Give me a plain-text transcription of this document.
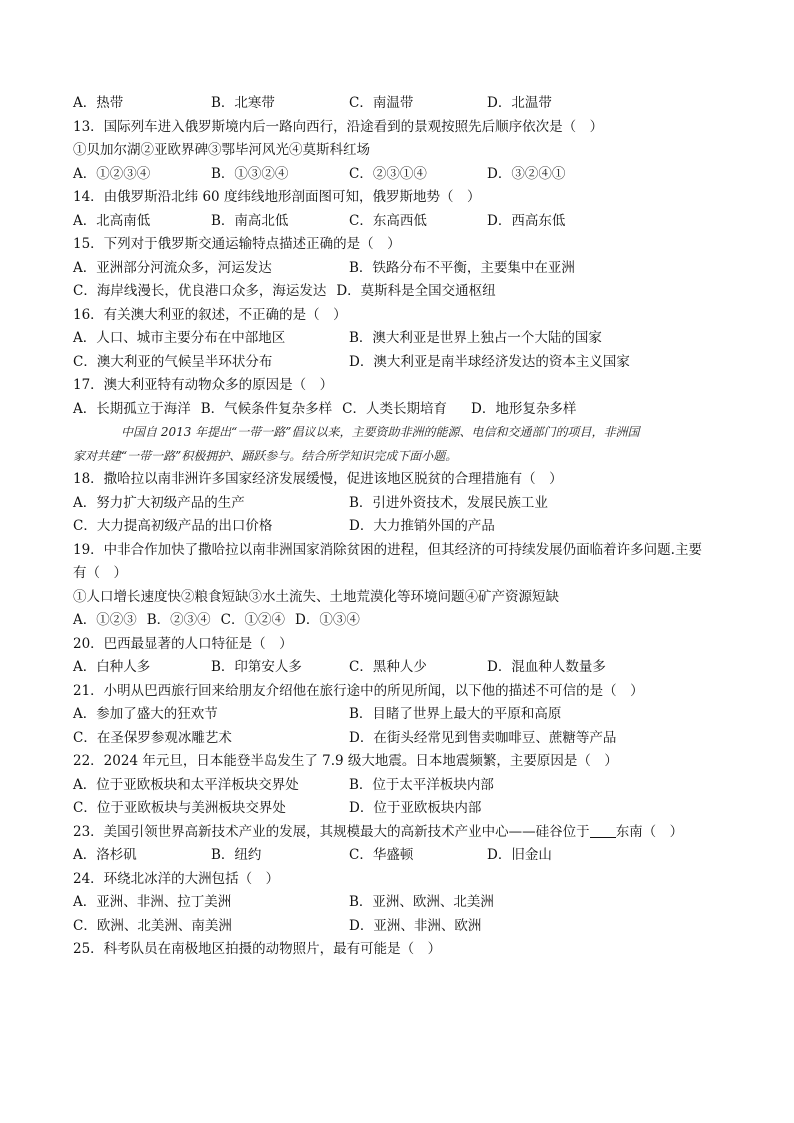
A．热带	B．北寒带	C．南温带	D．北温带
13．国际列车进入俄罗斯境内后一路向西行，沿途看到的景观按照先后顺序依次是（　）
①贝加尔湖②亚欧界碑③鄂毕河风光④莫斯科红场
A．①②③④	B．①③②④	C．②③①④	D．③②④①
14．由俄罗斯沿北纬 60 度纬线地形剖面图可知，俄罗斯地势（　）
A．北高南低	B．南高北低	C．东高西低	D．西高东低
15．下列对于俄罗斯交通运输特点描述正确的是（　）
A．亚洲部分河流众多，河运发达	B．铁路分布不平衡，主要集中在亚洲
C．海岸线漫长，优良港口众多，海运发达 D．莫斯科是全国交通枢纽
16．有关澳大利亚的叙述，不正确的是（　）
A．人口、城市主要分布在中部地区	B．澳大利亚是世界上独占一个大陆的国家
C．澳大利亚的气候呈半环状分布	D．澳大利亚是南半球经济发达的资本主义国家
17．澳大利亚特有动物众多的原因是（　）
A．长期孤立于海洋 B．气候条件复杂多样 C．人类长期培育	D．地形复杂多样
中国自 2013 年提出“一带一路”倡议以来，主要资助非洲的能源、电信和交通部门的项目，非洲国
家对共建“一带一路”积极拥护、踊跃参与。结合所学知识完成下面小题。
18．撒哈拉以南非洲许多国家经济发展缓慢，促进该地区脱贫的合理措施有（　）
A．努力扩大初级产品的生产	B．引进外资技术，发展民族工业
C．大力提高初级产品的出口价格	D．大力推销外国的产品
19．中非合作加快了撒哈拉以南非洲国家消除贫困的进程，但其经济的可持续发展仍面临着许多问题.主要
有（　）
①人口增长速度快②粮食短缺③水土流失、土地荒漠化等环境问题④矿产资源短缺
A．①②③ B．②③④ C．①②④ D．①③④
20．巴西最显著的人口特征是（　）
A．白种人多	B．印第安人多	C．黑种人少	D．混血种人数量多
21．小明从巴西旅行回来给朋友介绍他在旅行途中的所见所闻，以下他的描述不可信的是（　）
A．参加了盛大的狂欢节	B．目睹了世界上最大的平原和高原
C．在圣保罗参观冰雕艺术	D．在街头经常见到售卖咖啡豆、蔗糖等产品
22．2024 年元旦，日本能登半岛发生了 7.9 级大地震。日本地震频繁，主要原因是（　）
A．位于亚欧板块和太平洋板块交界处	B．位于太平洋板块内部
C．位于亚欧板块与美洲板块交界处	D．位于亚欧板块内部
23．美国引领世界高新技术产业的发展，其规模最大的高新技术产业中心——硅谷位于 东南（　）
A．洛杉矶	B．纽约	C．华盛顿	D．旧金山
24．环绕北冰洋的大洲包括（　）
A．亚洲、非洲、拉丁美洲	B．亚洲、欧洲、北美洲
C．欧洲、北美洲、南美洲	D．亚洲、非洲、欧洲
25．科考队员在南极地区拍摄的动物照片，最有可能是（　）
